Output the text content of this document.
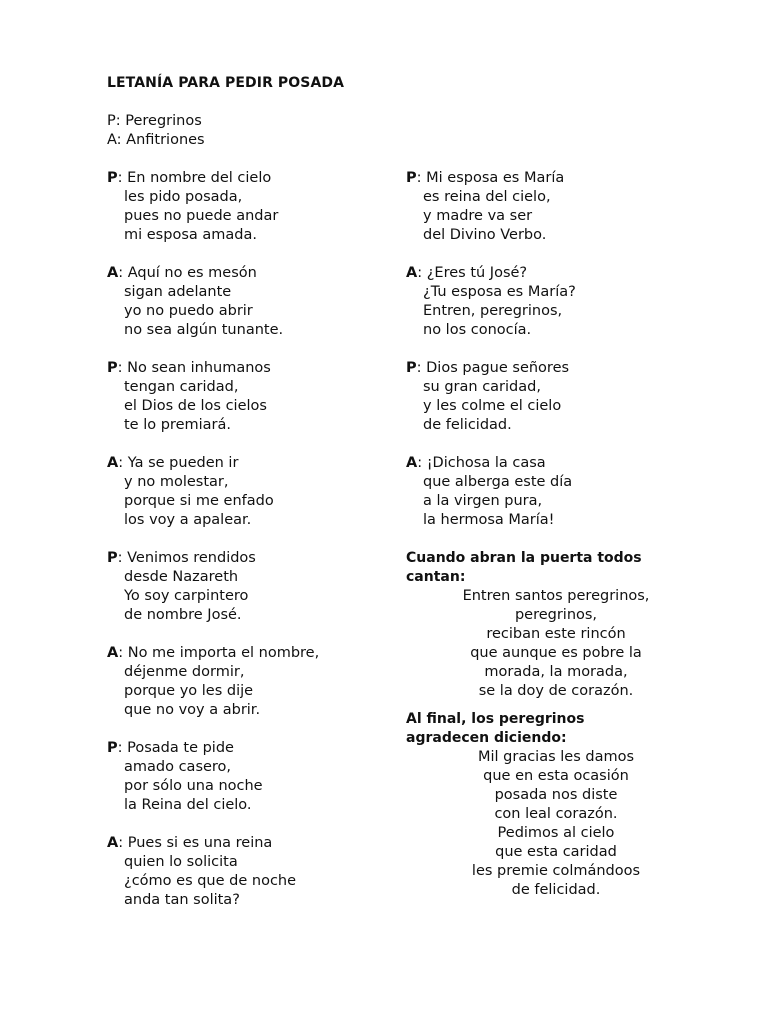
LETANÍA PARA PEDIR POSADA
P: Peregrinos
A: Anfitriones
P: En nombre del cielo
les pido posada,
pues no puede andar
mi esposa amada.
A: Aquí no es mesón
sigan adelante
yo no puedo abrir
no sea algún tunante.
P: No sean inhumanos
tengan caridad,
el Dios de los cielos
te lo premiará.
A: Ya se pueden ir
y no molestar,
porque si me enfado
los voy a apalear.
P: Venimos rendidos
desde Nazareth
Yo soy carpintero
de nombre José.
A: No me importa el nombre,
déjenme dormir,
porque yo les dije
que no voy a abrir.
P: Posada te pide
amado casero,
por sólo una noche
la Reina del cielo.
A: Pues si es una reina
quien lo solicita
¿cómo es que de noche
anda tan solita?
P: Mi esposa es María
es reina del cielo,
y madre va ser
del Divino Verbo.
A: ¿Eres tú José?
¿Tu esposa es María?
Entren, peregrinos,
no los conocía.
P: Dios pague señores
su gran caridad,
y les colme el cielo
de felicidad.
A: ¡Dichosa la casa
que alberga este día
a la virgen pura,
la hermosa María!
Cuando abran la puerta todos cantan:
Entren santos peregrinos,
peregrinos,
reciban este rincón
que aunque es pobre la
morada, la morada,
se la doy de corazón.
Al final, los peregrinos agradecen diciendo:
Mil gracias les damos
que en esta ocasión
posada nos diste
con leal corazón.
Pedimos al cielo
que esta caridad
les premie colmándoos
de felicidad.
